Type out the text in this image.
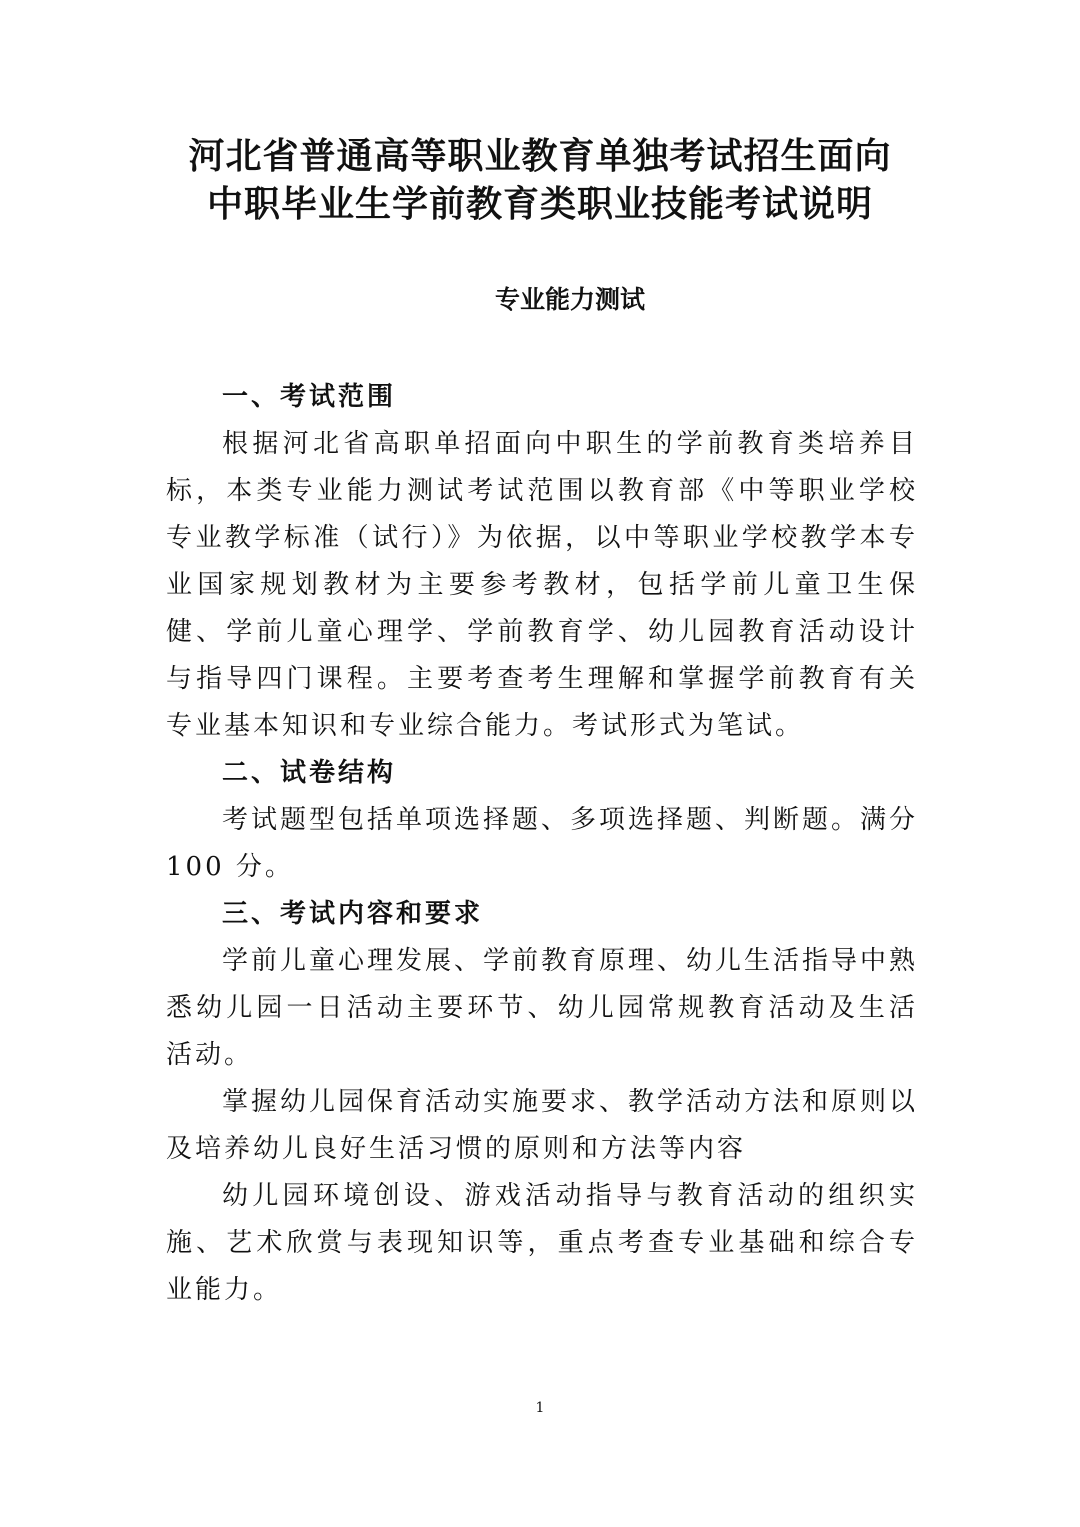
河北省普通高等职业教育单独考试招生面向
中职毕业生学前教育类职业技能考试说明
专业能力测试

一、考试范围

根据河北省高职单招面向中职生的学前教育类培养目标，本类专业能力测试考试范围以教育部《中等职业学校专业教学标准（试行）》为依据，以中等职业学校教学本专业国家规划教材为主要参考教材，包括学前儿童卫生保健、学前儿童心理学、学前教育学、幼儿园教育活动设计与指导四门课程。主要考查考生理解和掌握学前教育有关专业基本知识和专业综合能力。考试形式为笔试。

二、试卷结构

考试题型包括单项选择题、多项选择题、判断题。满分100 分。

三、考试内容和要求

学前儿童心理发展、学前教育原理、幼儿生活指导中熟悉幼儿园一日活动主要环节、幼儿园常规教育活动及生活活动。

掌握幼儿园保育活动实施要求、教学活动方法和原则以及培养幼儿良好生活习惯的原则和方法等内容

幼儿园环境创设、游戏活动指导与教育活动的组织实施、艺术欣赏与表现知识等，重点考查专业基础和综合专业能力。

1
